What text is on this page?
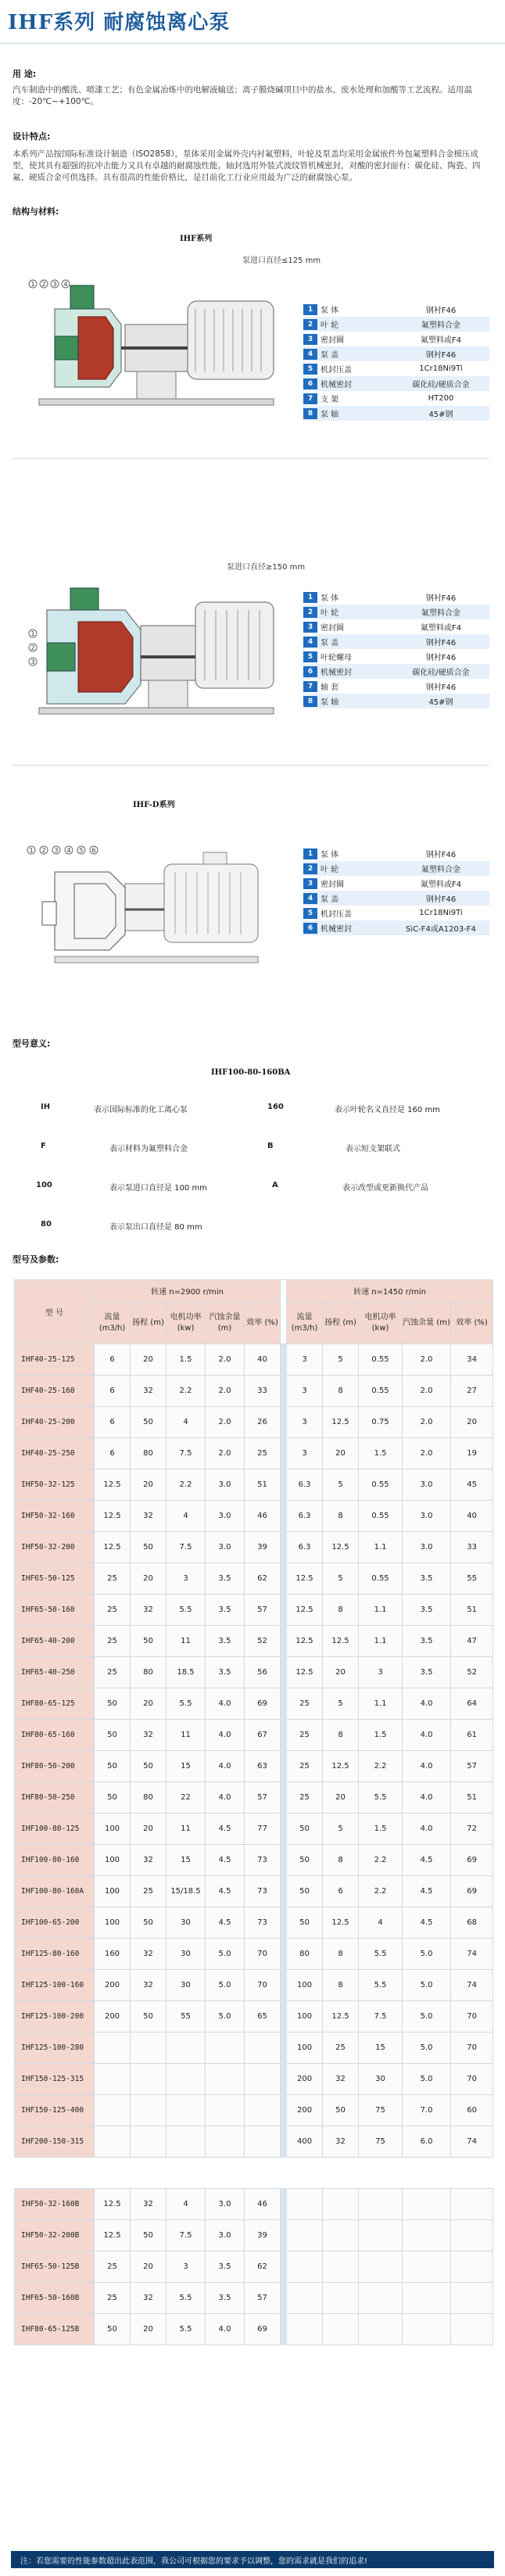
IHF系列 耐腐蚀离心泵
用 途:
汽车制造中的酸洗、喷漆工艺；有色金属冶炼中的电解液输送；离子膜烧碱项目中的盐水，废水处理和加酸等工艺流程。适用温度：-20℃~+100℃。
设计特点:
本系列产品按国际标准设计制造（ISO2858），泵体采用金属外壳内衬氟塑料，叶轮及泵盖均采用金属嵌件外包氟塑料合金模压成型，使其具有超强的抗冲击能力又具有卓越的耐腐蚀性能。轴封选用外装式波纹管机械密封，对酸的密封面有：碳化硅、陶瓷、四氟、硬质合金可供选择。具有很高的性能价格比，是目前化工行业应用最为广泛的耐腐蚀心泵。
结构与材料:
IHF系列
泵进口直径≤125 mm
1 2 3 4
1 泵 体	钢衬F46
2 叶 轮	氟塑料合金
3 密封圈	氟塑料或F4
4 泵 盖	钢衬F46
5 机封压盖	1Cr18Ni9Ti
6 机械密封	碳化硅/硬质合金
7 支 架	HT200
8 泵 轴	45#钢
泵进口直径≥150 mm
1
2
3
1 泵 体	钢衬F46
2 叶 轮	氟塑料合金
3 密封圈	氟塑料或F4
4 泵 盖	钢衬F46
5 叶轮螺母	钢衬F46
6 机械密封	碳化硅/硬质合金
7 轴 套	钢衬F46
8 泵 轴	45#钢
IHF-D系列
1 2 3 4 5 6	1 泵 体	钢衬F46
2 叶 轮	氟塑料合金
3 密封圈	氟塑料或F4
4 泵 盖	钢衬F46
5 机封压盖	1Cr18Ni9Ti
6 机械密封	SiC-F4或A1203-F4
型号意义:
IHF100-80-160BA
IH	表示国际标准的化工离心泵	160	表示叶轮名义直径是 160 mm
F	表示材料为氟塑料合金	B	表示短支架联式
100	表示泵进口直径是 100 mm	A	表示改型或更新换代产品
80	表示泵出口直径是 80 mm
型号及参数:
型 号	转速 n=2900 r/min						转速 n=1450 r/min				
	流量 (m3/h)	扬程 (m)	电机功率 (kw)	汽蚀余量 (m)	效率 (%)		流量 (m3/h)	扬程 (m)	电机功率 (kw)	汽蚀余量 (m)	效率 (%)
IHF40-25-125	6	20	1.5	2.0	40		3	5	0.55	2.0	34
IHF40-25-160	6	32	2.2	2.0	33		3	8	0.55	2.0	27
IHF40-25-200	6	50	4	2.0	26		3	12.5	0.75	2.0	20
IHF40-25-250	6	80	7.5	2.0	25		3	20	1.5	2.0	19
IHF50-32-125	12.5	20	2.2	3.0	51		6.3	5	0.55	3.0	45
IHF50-32-160	12.5	32	4	3.0	46		6.3	8	0.55	3.0	40
IHF50-32-200	12.5	50	7.5	3.0	39		6.3	12.5	1.1	3.0	33
IHF65-50-125	25	20	3	3.5	62		12.5	5	0.55	3.5	55
IHF65-50-160	25	32	5.5	3.5	57		12.5	8	1.1	3.5	51
IHF65-40-200	25	50	11	3.5	52		12.5	12.5	1.1	3.5	47
IHF65-40-250	25	80	18.5	3.5	56		12.5	20	3	3.5	52
IHF80-65-125	50	20	5.5	4.0	69		25	5	1.1	4.0	64
IHF80-65-160	50	32	11	4.0	67		25	8	1.5	4.0	61
IHF80-50-200	50	50	15	4.0	63		25	12.5	2.2	4.0	57
IHF80-50-250	50	80	22	4.0	57		25	20	5.5	4.0	51
IHF100-80-125	100	20	11	4.5	77		50	5	1.5	4.0	72
IHF100-80-160	100	32	15	4.5	73		50	8	2.2	4.5	69
IHF100-80-160A	100	25	15/18.5	4.5	73		50	6	2.2	4.5	69
IHF100-65-200	100	50	30	4.5	73		50	12.5	4	4.5	68
IHF125-80-160	160	32	30	5.0	70		80	8	5.5	5.0	74
IHF125-100-160	200	32	30	5.0	70		100	8	5.5	5.0	74
IHF125-100-200	200	50	55	5.0	65		100	12.5	7.5	5.0	70
IHF125-100-280							100	25	15	5.0	70
IHF150-125-315							200	32	30	5.0	70
IHF150-125-400							200	50	75	7.0	60
IHF200-150-315							400	32	75	6.0	74

IHF50-32-160B	12.5	32	4	3.0	46						
IHF50-32-200B	12.5	50	7.5	3.0	39						
IHF65-50-125B	25	20	3	3.5	62						
IHF65-50-160B	25	32	5.5	3.5	57						
IHF80-65-125B	50	20	5.5	4.0	69						
注：若您需要的性能参数超出此表范围，我公司可根据您的要求予以调整，您的需求就是我们的追求!
